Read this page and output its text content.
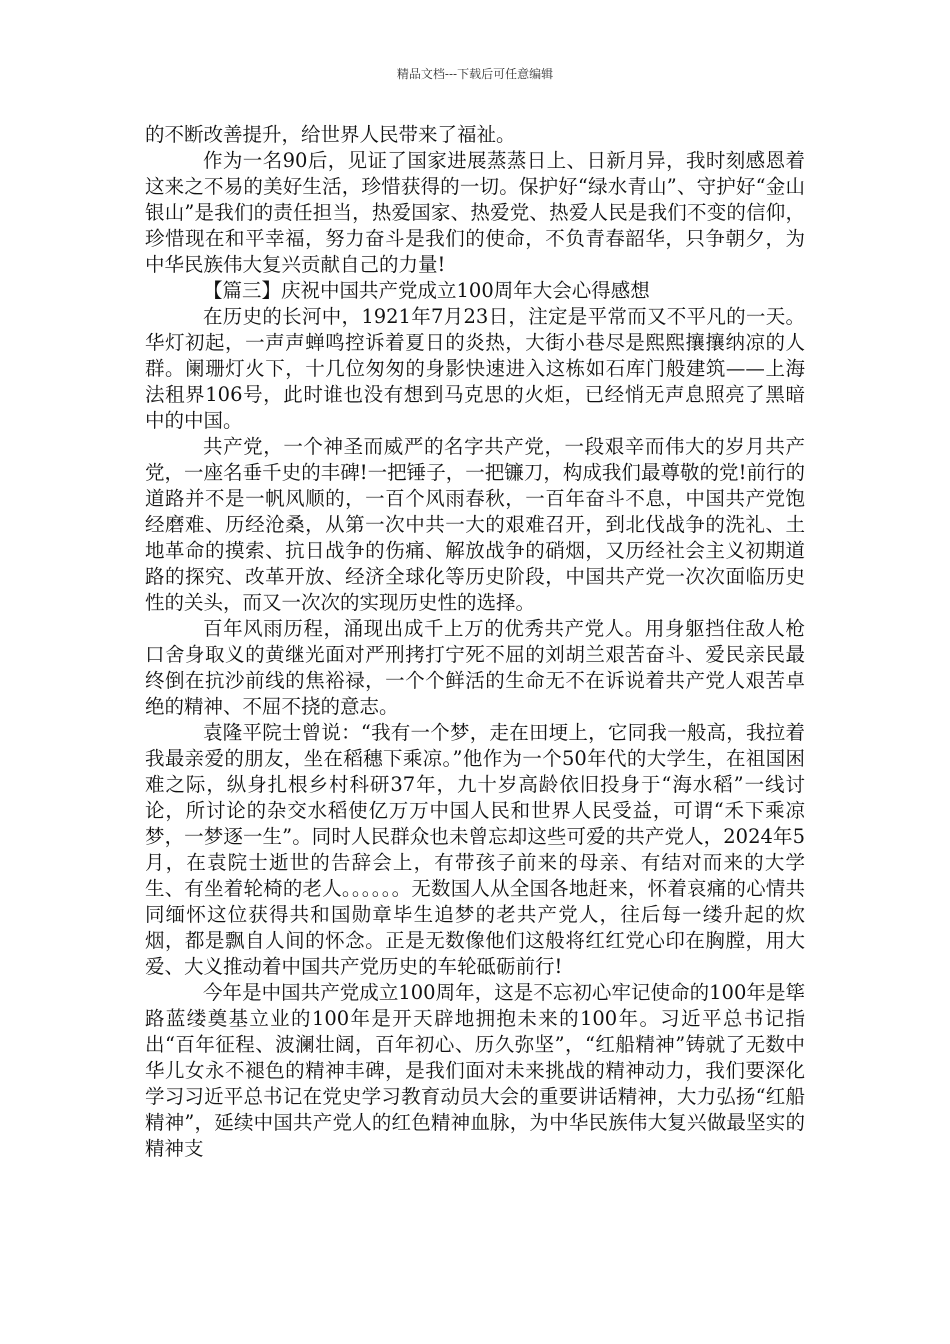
精品文档---下载后可任意编辑

的不断改善提升，给世界人民带来了福祉。

作为一名90后，见证了国家进展蒸蒸日上、日新月异，我时刻感恩着这来之不易的美好生活，珍惜获得的一切。保护好“绿水青山”、守护好“金山银山”是我们的责任担当，热爱国家、热爱党、热爱人民是我们不变的信仰，珍惜现在和平幸福，努力奋斗是我们的使命，不负青春韶华，只争朝夕，为中华民族伟大复兴贡献自己的力量!

【篇三】庆祝中国共产党成立100周年大会心得感想

在历史的长河中，1921年7月23日，注定是平常而又不平凡的一天。华灯初起，一声声蝉鸣控诉着夏日的炎热，大街小巷尽是熙熙攘攘纳凉的人群。阑珊灯火下，十几位匆匆的身影快速进入这栋如石库门般建筑——上海法租界106号，此时谁也没有想到马克思的火炬，已经悄无声息照亮了黑暗中的中国。

共产党，一个神圣而威严的名字共产党，一段艰辛而伟大的岁月共产党，一座名垂千史的丰碑!一把锤子，一把镰刀，构成我们最尊敬的党!前行的道路并不是一帆风顺的，一百个风雨春秋，一百年奋斗不息，中国共产党饱经磨难、历经沧桑，从第一次中共一大的艰难召开，到北伐战争的洗礼、土地革命的摸索、抗日战争的伤痛、解放战争的硝烟，又历经社会主义初期道路的探究、改革开放、经济全球化等历史阶段，中国共产党一次次面临历史性的关头，而又一次次的实现历史性的选择。

百年风雨历程，涌现出成千上万的优秀共产党人。用身躯挡住敌人枪口舍身取义的黄继光面对严刑拷打宁死不屈的刘胡兰艰苦奋斗、爱民亲民最终倒在抗沙前线的焦裕禄，一个个鲜活的生命无不在诉说着共产党人艰苦卓绝的精神、不屈不挠的意志。

袁隆平院士曾说：“我有一个梦，走在田埂上，它同我一般高，我拉着我最亲爱的朋友，坐在稻穗下乘凉。”他作为一个50年代的大学生，在祖国困难之际，纵身扎根乡村科研37年，九十岁高龄依旧投身于“海水稻”一线讨论，所讨论的杂交水稻使亿万万中国人民和世界人民受益，可谓“禾下乘凉梦，一梦逐一生”。同时人民群众也未曾忘却这些可爱的共产党人，2024年5月，在袁院士逝世的告辞会上，有带孩子前来的母亲、有结对而来的大学生、有坐着轮椅的老人。。。。。。无数国人从全国各地赶来，怀着哀痛的心情共同缅怀这位获得共和国勋章毕生追梦的老共产党人，往后每一缕升起的炊烟，都是飘自人间的怀念。正是无数像他们这般将红红党心印在胸膛，用大爱、大义推动着中国共产党历史的车轮砥砺前行!

今年是中国共产党成立100周年，这是不忘初心牢记使命的100年是筚路蓝缕奠基立业的100年是开天辟地拥抱未来的100年。习近平总书记指出“百年征程、波澜壮阔，百年初心、历久弥坚”，“红船精神”铸就了无数中华儿女永不褪色的精神丰碑，是我们面对未来挑战的精神动力，我们要深化学习习近平总书记在党史学习教育动员大会的重要讲话精神，大力弘扬“红船精神”，延续中国共产党人的红色精神血脉，为中华民族伟大复兴做最坚实的精神支
